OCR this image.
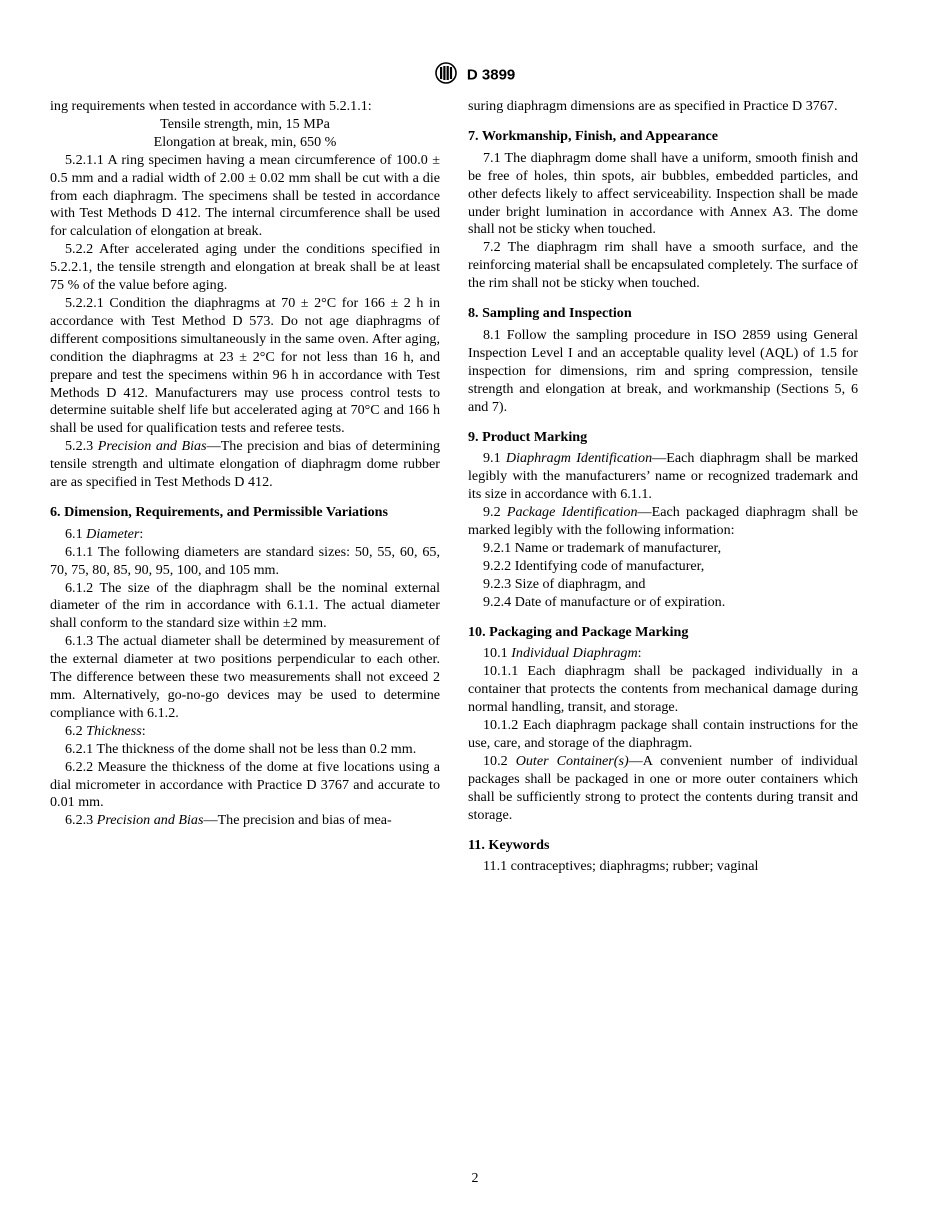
D 3899

ing requirements when tested in accordance with 5.2.1.1:

Tensile strength, min, 15 MPa

Elongation at break, min, 650 %

5.2.1.1 A ring specimen having a mean circumference of 100.0 ± 0.5 mm and a radial width of 2.00 ± 0.02 mm shall be cut with a die from each diaphragm. The specimens shall be tested in accordance with Test Methods D 412. The internal circumference shall be used for calculation of elongation at break.

5.2.2 After accelerated aging under the conditions specified in 5.2.2.1, the tensile strength and elongation at break shall be at least 75 % of the value before aging.

5.2.2.1 Condition the diaphragms at 70 ± 2°C for 166 ± 2 h in accordance with Test Method D 573. Do not age diaphragms of different compositions simultaneously in the same oven. After aging, condition the diaphragms at 23 ± 2°C for not less than 16 h, and prepare and test the specimens within 96 h in accordance with Test Methods D 412. Manufacturers may use process control tests to determine suitable shelf life but accelerated aging at 70°C and 166 h shall be used for qualification tests and referee tests.

5.2.3 Precision and Bias—The precision and bias of determining tensile strength and ultimate elongation of diaphragm dome rubber are as specified in Test Methods D 412.

6. Dimension, Requirements, and Permissible Variations

6.1 Diameter:

6.1.1 The following diameters are standard sizes: 50, 55, 60, 65, 70, 75, 80, 85, 90, 95, 100, and 105 mm.

6.1.2 The size of the diaphragm shall be the nominal external diameter of the rim in accordance with 6.1.1. The actual diameter shall conform to the standard size within ±2 mm.

6.1.3 The actual diameter shall be determined by measurement of the external diameter at two positions perpendicular to each other. The difference between these two measurements shall not exceed 2 mm. Alternatively, go-no-go devices may be used to determine compliance with 6.1.2.

6.2 Thickness:

6.2.1 The thickness of the dome shall not be less than 0.2 mm.

6.2.2 Measure the thickness of the dome at five locations using a dial micrometer in accordance with Practice D 3767 and accurate to 0.01 mm.

6.2.3 Precision and Bias—The precision and bias of mea-

suring diaphragm dimensions are as specified in Practice D 3767.

7. Workmanship, Finish, and Appearance

7.1 The diaphragm dome shall have a uniform, smooth finish and be free of holes, thin spots, air bubbles, embedded particles, and other defects likely to affect serviceability. Inspection shall be made under bright lumination in accordance with Annex A3. The dome shall not be sticky when touched.

7.2 The diaphragm rim shall have a smooth surface, and the reinforcing material shall be encapsulated completely. The surface of the rim shall not be sticky when touched.

8. Sampling and Inspection

8.1 Follow the sampling procedure in ISO 2859 using General Inspection Level I and an acceptable quality level (AQL) of 1.5 for inspection for dimensions, rim and spring compression, tensile strength and elongation at break, and workmanship (Sections 5, 6 and 7).

9. Product Marking

9.1 Diaphragm Identification—Each diaphragm shall be marked legibly with the manufacturers’ name or recognized trademark and its size in accordance with 6.1.1.

9.2 Package Identification—Each packaged diaphragm shall be marked legibly with the following information:

9.2.1 Name or trademark of manufacturer,

9.2.2 Identifying code of manufacturer,

9.2.3 Size of diaphragm, and

9.2.4 Date of manufacture or of expiration.

10. Packaging and Package Marking

10.1 Individual Diaphragm:

10.1.1 Each diaphragm shall be packaged individually in a container that protects the contents from mechanical damage during normal handling, transit, and storage.

10.1.2 Each diaphragm package shall contain instructions for the use, care, and storage of the diaphragm.

10.2 Outer Container(s)—A convenient number of individual packages shall be packaged in one or more outer containers which shall be sufficiently strong to protect the contents during transit and storage.

11. Keywords

11.1 contraceptives; diaphragms; rubber; vaginal

2
